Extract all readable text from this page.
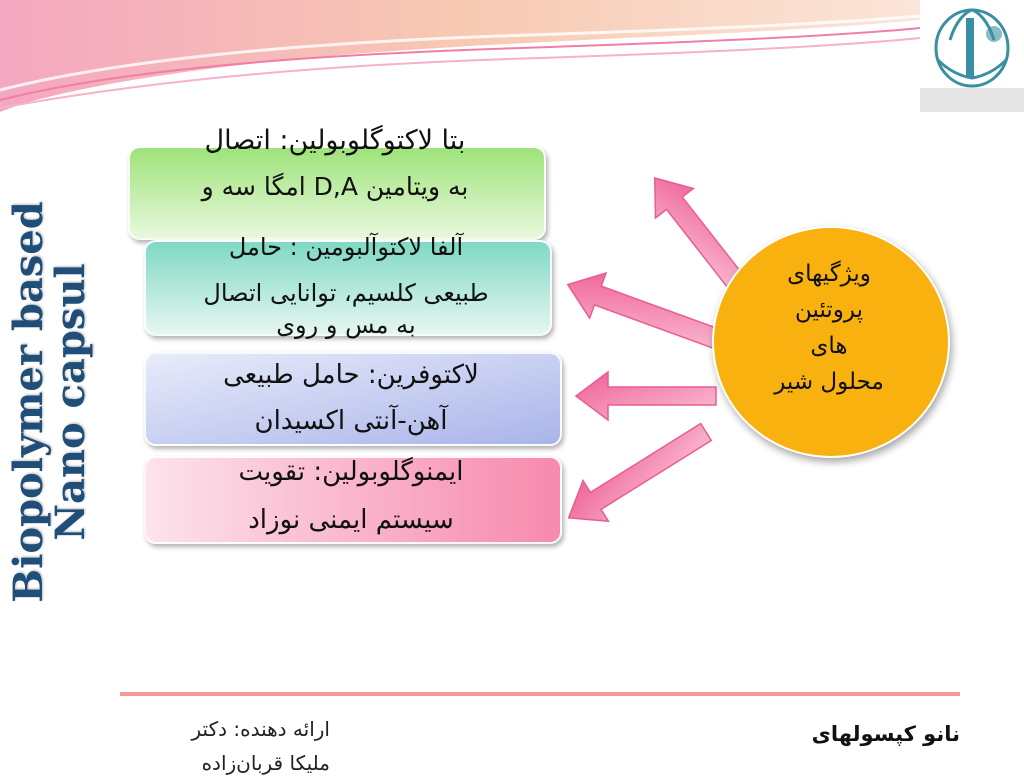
Biopolymer based
Nano capsul
بتا لاکتوگلوبولین: اتصال
به ویتامین D,A امگا سه و
آلفا لاکتوآلبومین : حامل
طبیعی کلسیم، توانایی اتصال
به مس و روی
لاکتوفرین: حامل طبیعی
آهن-آنتی اکسیدان
ایمنوگلوبولین: تقویت
سیستم ایمنی نوزاد
ویژگیهای
پروتئین
های
محلول شیر
ارائه دهنده: دکتر
ملیکا قربان‌زاده
نانو کپسولهای
